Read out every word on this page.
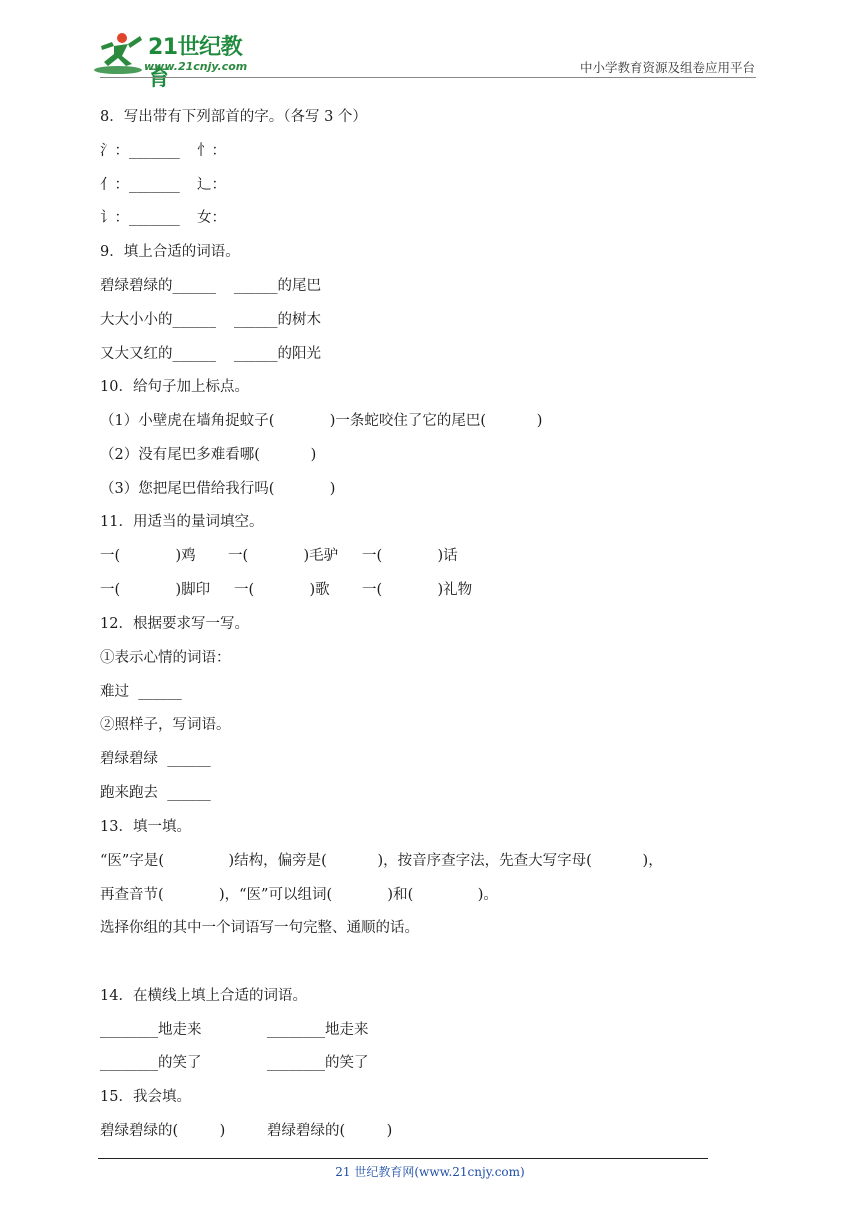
21世纪教育
www.21cnjy.com	中小学教育资源及组卷应用平台
8．写出带有下列部首的字。（各写 3 个）
氵：_______ 忄：
亻：_______ 辶：
讠：_______ 女：
9．填上合适的词语。
碧绿碧绿的______ ______的尾巴
大大小小的______ ______的树木
又大又红的______ ______的阳光
10．给句子加上标点。
（1）小壁虎在墙角捉蚊子(            )一条蛇咬住了它的尾巴(           )
（2）没有尾巴多难看哪(           )
（3）您把尾巴借给我行吗(            )
11．用适当的量词填空。
一(            )鸡 一(            )毛驴 一(            )话
一(            )脚印 一(            )歌 一(            )礼物
12．根据要求写一写。
①表示心情的词语：
难过  ______
②照样子，写词语。
碧绿碧绿  ______
跑来跑去  ______
13．填一填。
“医”字是(              )结构，偏旁是(           )，按音序查字法，先查大写字母(           )，
再查音节(            )，“医”可以组词(            )和(              )。
选择你组的其中一个词语写一句完整、通顺的话。
14．在横线上填上合适的词语。
________地走来	________地走来
________的笑了	________的笑了
15．我会填。
碧绿碧绿的(         )	碧绿碧绿的(         )
21 世纪教育网(www.21cnjy.com)
